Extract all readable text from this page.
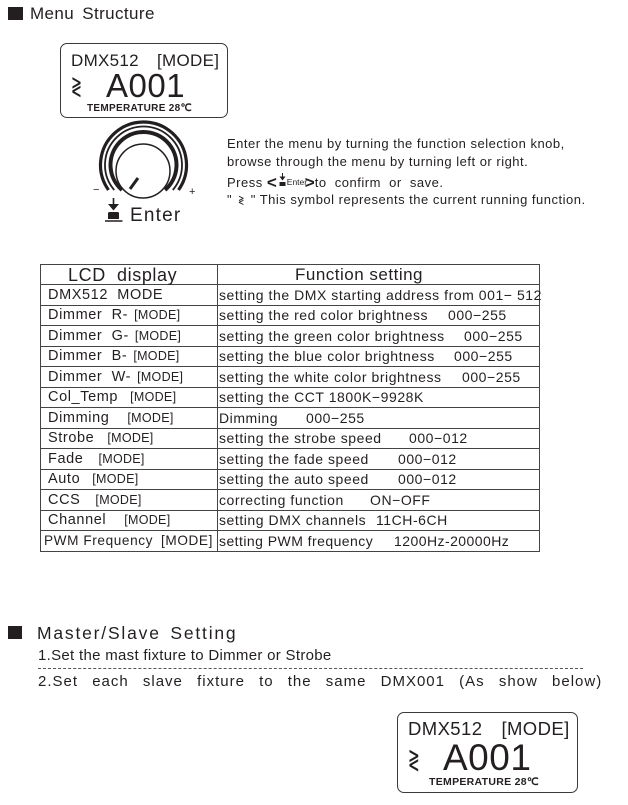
Menu Structure
DMX512  [MODE]
≷ A001
TEMPERATURE 28℃
−	+
Enter
Enter the menu by turning the function selection knob,
browse through the menu by turning left or right.
Press < Enter
>to  confirm  or  save.
" ≷ " This symbol represents the current running function.
LCD  display	Function setting
DMX512  MODE	setting the DMX starting address from 001− 512
Dimmer  R- [MODE]	setting the red color brightness 000−255

Dimmer  G- [MODE]	setting the green color brightness 000−255

Dimmer  B- [MODE]	setting the blue color brightness 000−255

Dimmer  W- [MODE]	setting the white color brightness 000−255

Col_Temp [MODE]	setting the CCT 1800K−9928K
Dimming [MODE]	Dimming 000−255

Strobe [MODE]	setting the strobe speed 000−012

Fade [MODE]	setting the fade speed 000−012

Auto [MODE]	setting the auto speed 000−012

CCS [MODE]	correcting function ON−OFF

Channel [MODE]	setting DMX channels 11CH-6CH

PWM Frequency [MODE]	setting PWM frequency 1200Hz-20000Hz
Master/Slave Setting
1.Set the mast fixture to Dimmer or Strobe
2.Set each slave fixture to the same DMX001 (As show below)
DMX512  [MODE]
≷ A001
TEMPERATURE 28℃
